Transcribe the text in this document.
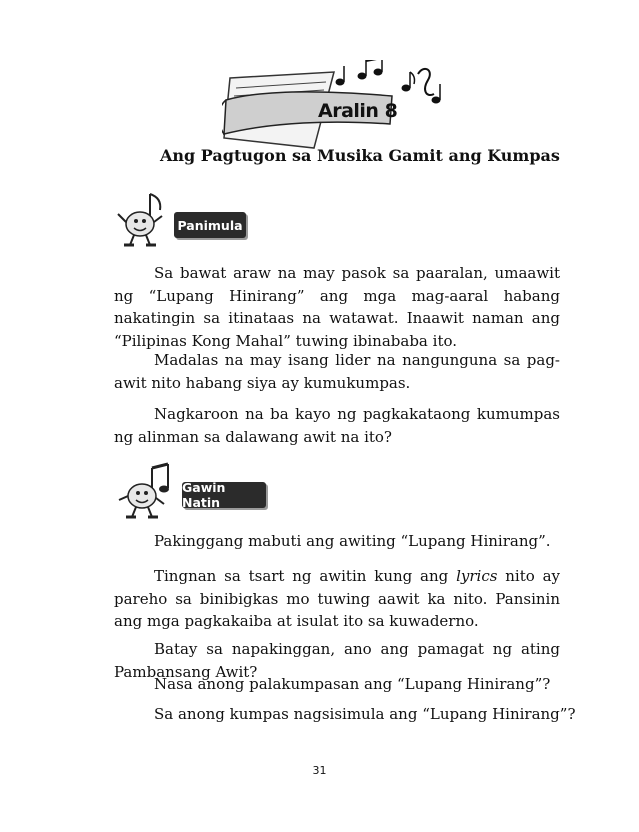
Aralin 8
Ang Pagtugon sa Musika Gamit ang Kumpas
Panimula
Sa bawat araw na may pasok sa paaralan, umaawit ng “Lupang Hinirang” ang mga mag-aaral habang nakatingin sa itinataas na watawat. Inaawit naman ang “Pilipinas Kong Mahal” tuwing ibinababa ito.
Madalas na may isang lider na nangunguna sa pag-awit nito habang siya ay kumukumpas.
Nagkaroon na ba kayo ng pagkakataong kumumpas ng alinman sa dalawang awit na ito?
Gawin Natin
Pakinggang mabuti ang awiting “Lupang Hinirang”.
Tingnan sa tsart ng awitin kung ang lyrics nito ay pareho sa binibigkas mo tuwing aawit ka nito. Pansinin ang mga pagkakaiba at isulat ito sa kuwaderno.
Batay sa napakinggan, ano ang pamagat ng ating Pambansang Awit?
Nasa anong palakumpasan ang “Lupang Hinirang”?
Sa anong kumpas nagsisimula ang “Lupang Hinirang”?
31
